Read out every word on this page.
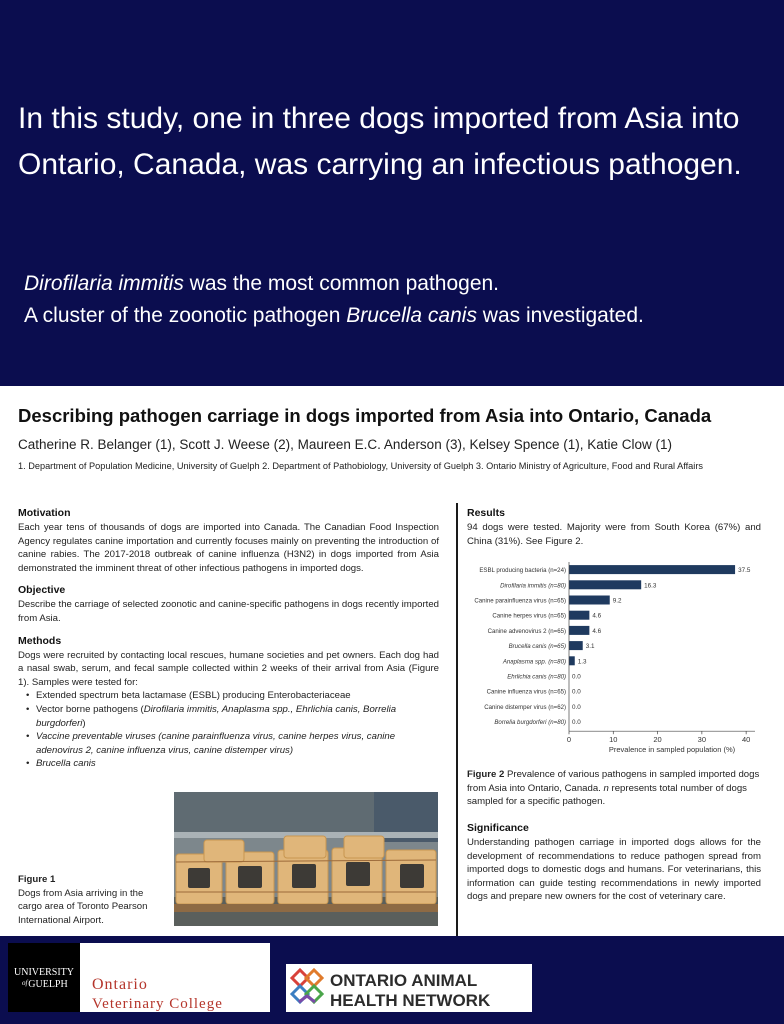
In this study, one in three dogs imported from Asia into Ontario, Canada, was carrying an infectious pathogen.
Dirofilaria immitis was the most common pathogen.
A cluster of the zoonotic pathogen Brucella canis was investigated.
Describing pathogen carriage in dogs imported from Asia into Ontario, Canada
Catherine R. Belanger (1), Scott J. Weese (2), Maureen E.C. Anderson (3), Kelsey Spence (1), Katie Clow (1)
1. Department of Population Medicine, University of Guelph 2. Department of Pathobiology, University of Guelph 3. Ontario Ministry of Agriculture, Food and Rural Affairs
Motivation

Each year tens of thousands of dogs are imported into Canada. The Canadian Food Inspection Agency regulates canine importation and currently focuses mainly on preventing the introduction of canine rabies. The 2017-2018 outbreak of canine influenza (H3N2) in dogs imported from Asia demonstrated the imminent threat of other infectious pathogens in imported dogs.

Objective

Describe the carriage of selected zoonotic and canine-specific pathogens in dogs recently imported from Asia.

Methods

Dogs were recruited by contacting local rescues, humane societies and pet owners. Each dog had a nasal swab, serum, and fecal sample collected within 2 weeks of their arrival from Asia (Figure 1). Samples were tested for:

• Extended spectrum beta lactamase (ESBL) producing Enterobacteriaceae
• Vector borne pathogens (Dirofilaria immitis, Anaplasma spp., Ehrlichia canis, Borrelia burgdorferi)
• Vaccine preventable viruses (canine parainfluenza virus, canine herpes virus, canine adenovirus 2, canine influenza virus, canine distemper virus)
• Brucella canis
Figure 1
Dogs from Asia arriving in the cargo area of Toronto Pearson International Airport.
Results

94 dogs were tested. Majority were from South Korea (67%) and China (31%). See Figure 2.

ESBL producing bacteria (n=24)	37.5
Dirofilaria immitis (n=80)	16.3
Canine parainfluenza virus (n=65)	9.2
Canine herpes virus (n=65)	4.6
Canine advenovirus 2 (n=65)	4.6
Brucella canis (n=65)	3.1
Anaplasma spp. (n=80) 1.3
Ehrlichia canis (n=80) 0.0
Canine influenza virus (n=65) 0.0
Canine distemper virus (n=62) 0.0
Borrelia burgdorferi (n=80) 0.0
0	10	20	30	40
Prevalence in sampled population (%)
Figure 2 Prevalence of various pathogens in sampled imported dogs from Asia into Ontario, Canada. n represents total number of dogs sampled for a specific pathogen.
Significance

Understanding pathogen carriage in imported dogs allows for the development of recommendations to reduce pathogen spread from imported dogs to domestic dogs and humans. For veterinarians, this information can guide testing recommendations in newly imported dogs and prepare new owners for the cost of veterinary care.

UNIVERSITY
of GUELPH Ontario
Veterinary College
ONTARIO ANIMAL
HEALTH NETWORK
